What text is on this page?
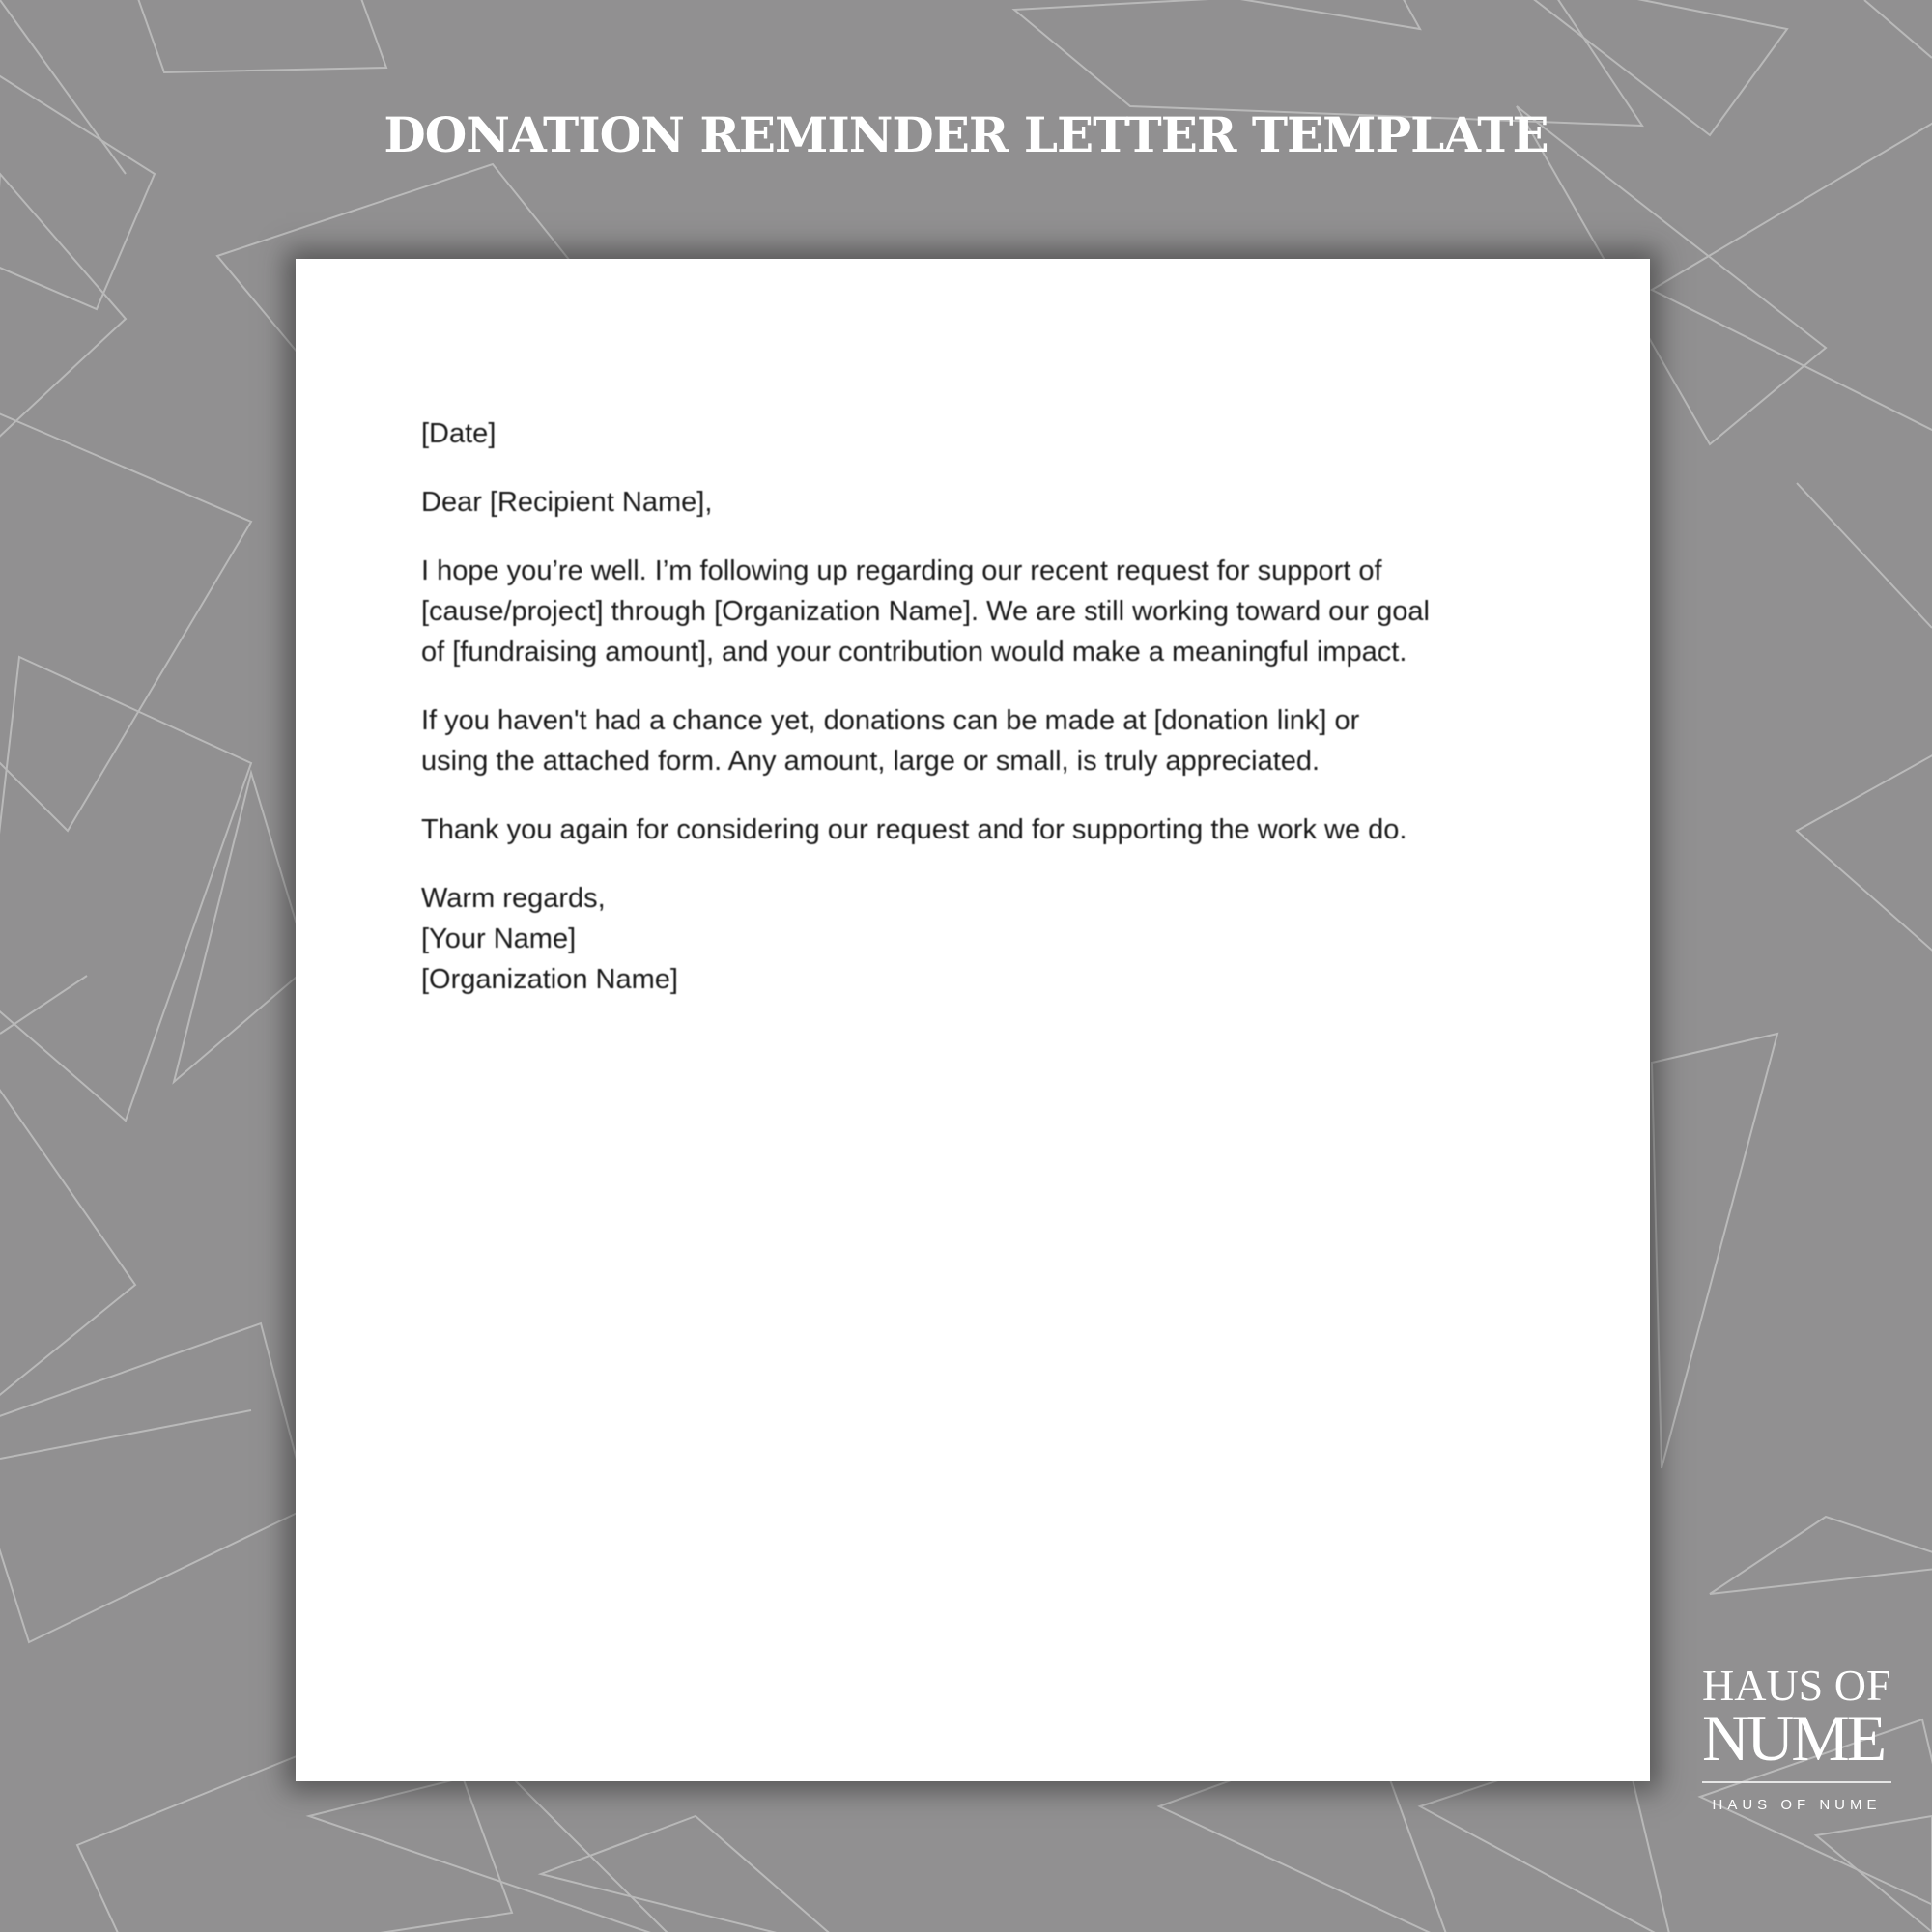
DONATION REMINDER LETTER TEMPLATE

[Date]

Dear [Recipient Name],

I hope you’re well. I’m following up regarding our recent request for support of
[cause/project] through [Organization Name]. We are still working toward our goal
of [fundraising amount], and your contribution would make a meaningful impact.

If you haven't had a chance yet, donations can be made at [donation link] or
using the attached form. Any amount, large or small, is truly appreciated.

Thank you again for considering our request and for supporting the work we do.

Warm regards,
[Your Name]
[Organization Name]

HAUS OF
NUME
HAUS OF NUME
